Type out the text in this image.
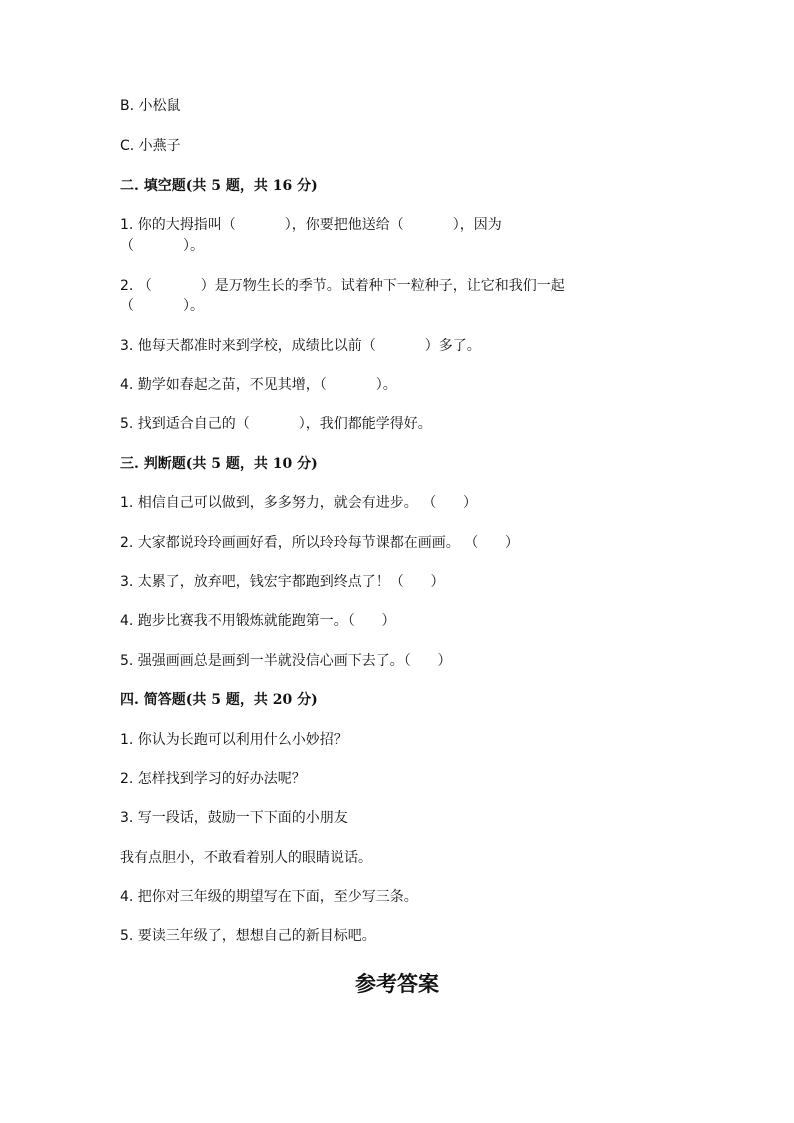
B. 小松鼠
C. 小燕子
二. 填空题(共 5 题，共 16 分)
1. 你的大拇指叫（           ），你要把他送给（           ），因为
（           ）。
2. （           ）是万物生长的季节。试着种下一粒种子，让它和我们一起
（           ）。
3. 他每天都准时来到学校，成绩比以前（           ）多了。
4. 勤学如春起之苗，不见其增，（           ）。
5. 找到适合自己的（           ），我们都能学得好。
三. 判断题(共 5 题，共 10 分)
1. 相信自己可以做到，多多努力，就会有进步。 （      ）
2. 大家都说玲玲画画好看，所以玲玲每节课都在画画。 （      ）
3. 太累了，放弃吧，钱宏宇都跑到终点了！（      ）
4. 跑步比赛我不用锻炼就能跑第一。（      ）
5. 强强画画总是画到一半就没信心画下去了。（      ）
四. 简答题(共 5 题，共 20 分)
1. 你认为长跑可以利用什么小妙招？
2. 怎样找到学习的好办法呢？
3. 写一段话，鼓励一下下面的小朋友
我有点胆小，不敢看着别人的眼睛说话。
4. 把你对三年级的期望写在下面，至少写三条。
5. 要读三年级了，想想自己的新目标吧。
参考答案
